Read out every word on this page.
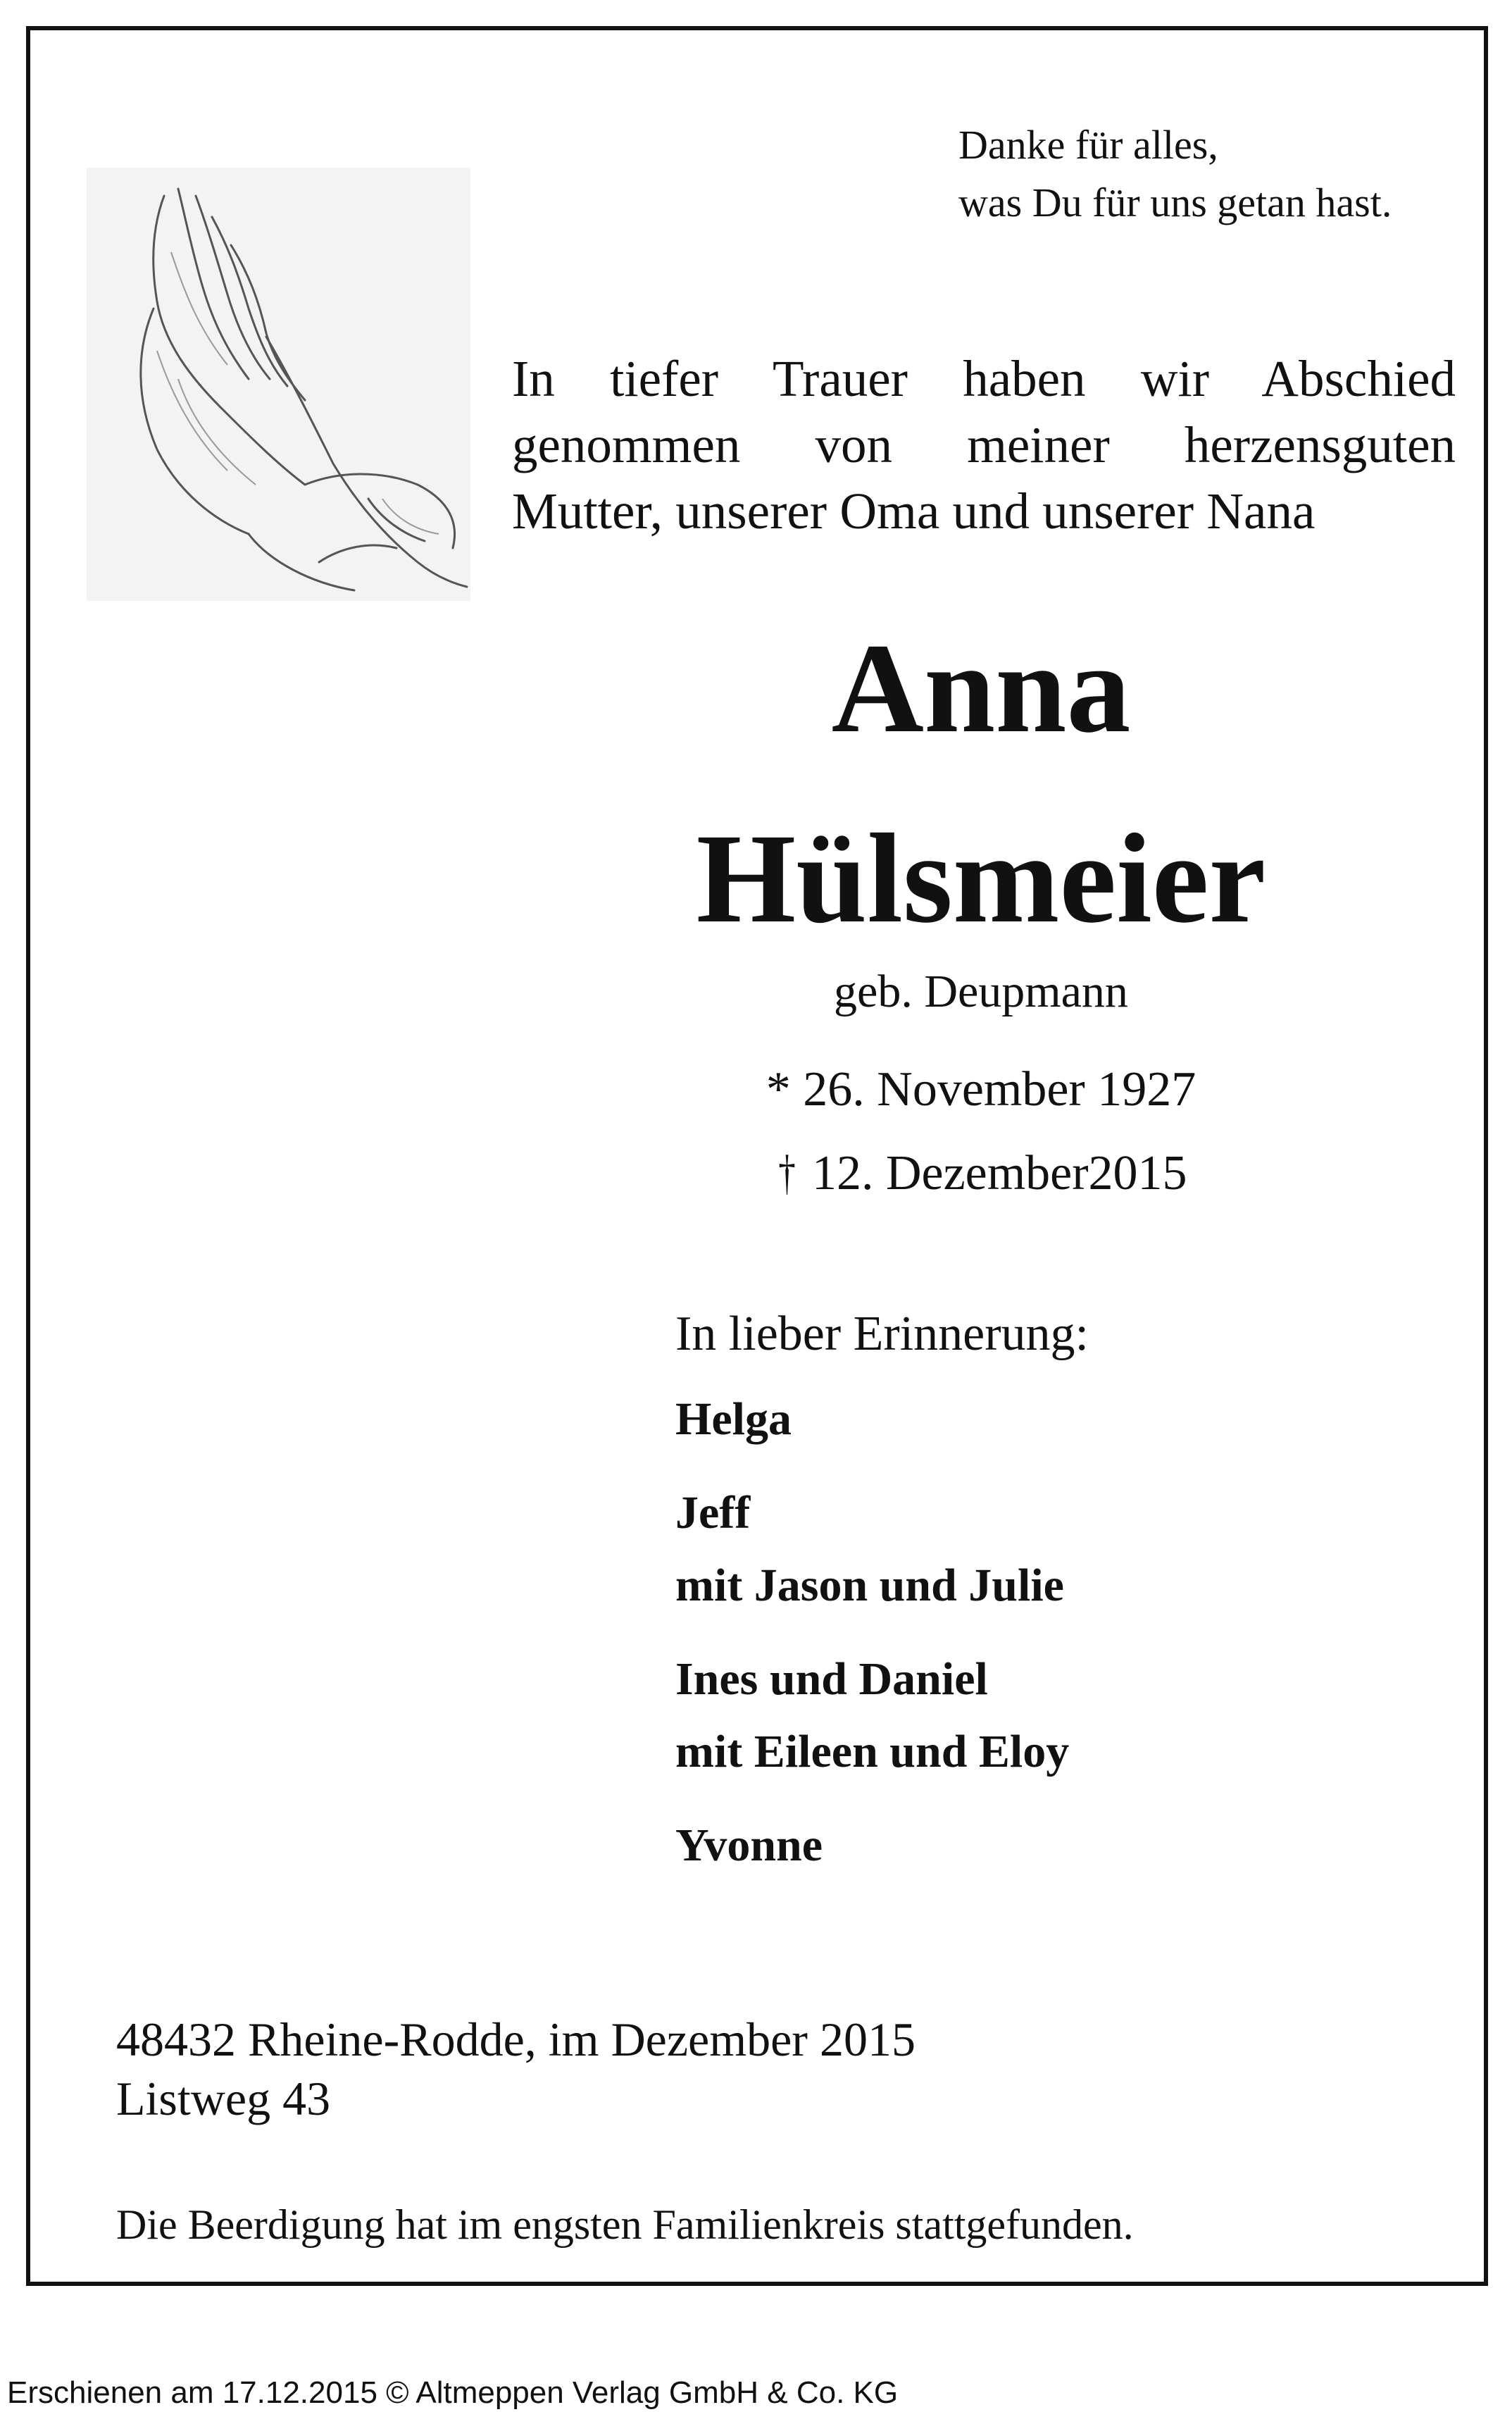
Danke für alles,
was Du für uns getan hast.
In tiefer Trauer haben wir Abschied
genommen von meiner herzensguten
Mutter, unserer Oma und unserer Nana
Anna
Hülsmeier
geb. Deupmann
* 26. November 1927
† 12. Dezember2015
In lieber Erinnerung:
Helga
Jeff
mit Jason und Julie
Ines und Daniel
mit Eileen und Eloy
Yvonne
48432 Rheine-Rodde, im Dezember 2015
Listweg 43
Die Beerdigung hat im engsten Familienkreis stattgefunden.
Erschienen am 17.12.2015 © Altmeppen Verlag GmbH & Co. KG
